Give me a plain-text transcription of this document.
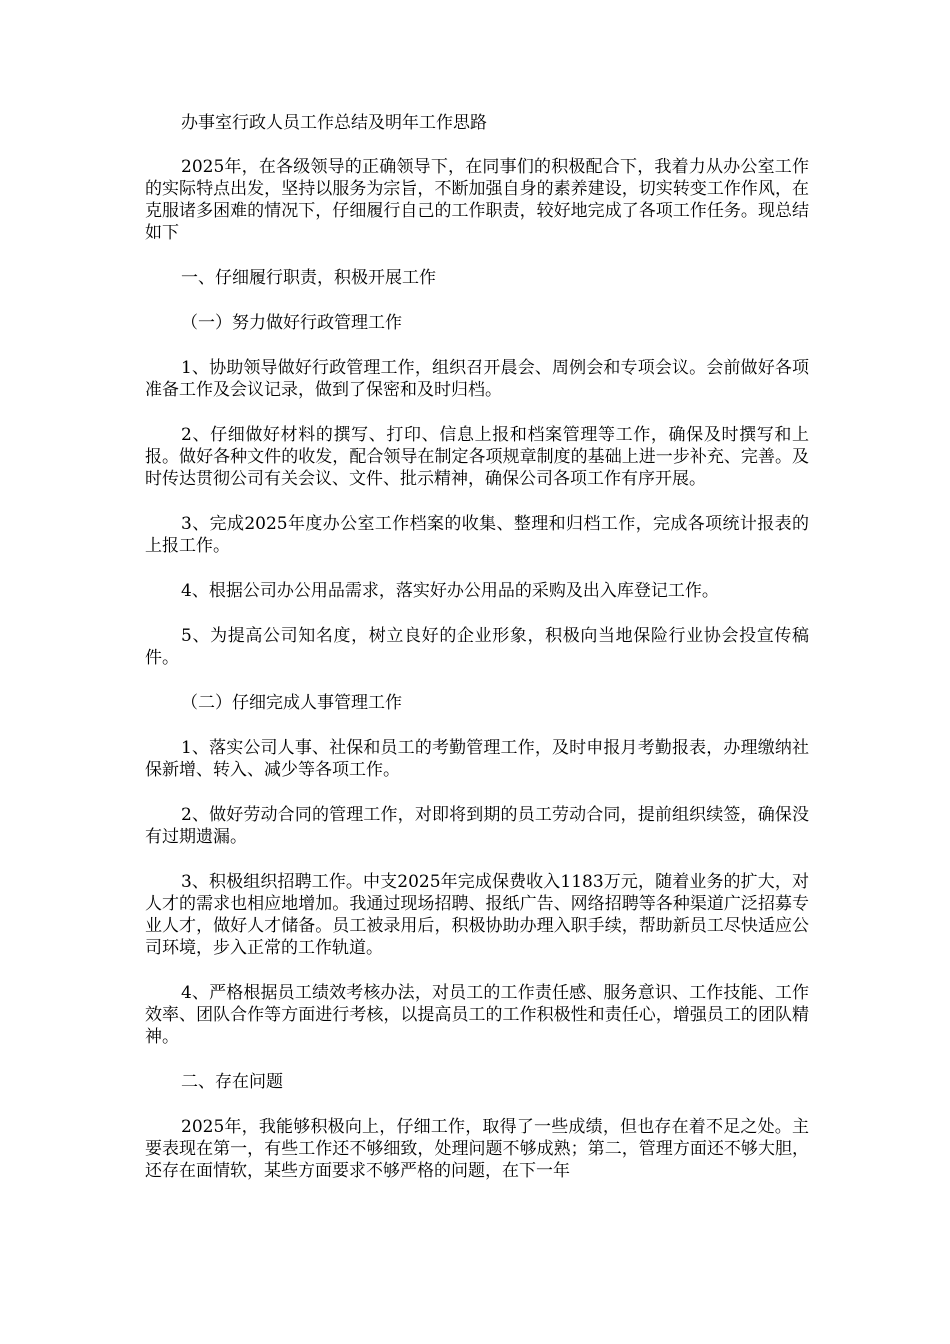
办事室行政人员工作总结及明年工作思路

2025年，在各级领导的正确领导下，在同事们的积极配合下，我着力从办公室工作的实际特点出发，坚持以服务为宗旨，不断加强自身的素养建设，切实转变工作作风，在克服诸多困难的情况下，仔细履行自己的工作职责，较好地完成了各项工作任务。现总结如下

一、仔细履行职责，积极开展工作

（一）努力做好行政管理工作

1、协助领导做好行政管理工作，组织召开晨会、周例会和专项会议。会前做好各项准备工作及会议记录，做到了保密和及时归档。

2、仔细做好材料的撰写、打印、信息上报和档案管理等工作，确保及时撰写和上报。做好各种文件的收发，配合领导在制定各项规章制度的基础上进一步补充、完善。及时传达贯彻公司有关会议、文件、批示精神，确保公司各项工作有序开展。

3、完成2025年度办公室工作档案的收集、整理和归档工作，完成各项统计报表的上报工作。

4、根据公司办公用品需求，落实好办公用品的采购及出入库登记工作。

5、为提高公司知名度，树立良好的企业形象，积极向当地保险行业协会投宣传稿件。

（二）仔细完成人事管理工作

1、落实公司人事、社保和员工的考勤管理工作，及时申报月考勤报表，办理缴纳社保新增、转入、减少等各项工作。

2、做好劳动合同的管理工作，对即将到期的员工劳动合同，提前组织续签，确保没有过期遗漏。

3、积极组织招聘工作。中支2025年完成保费收入1183万元，随着业务的扩大，对人才的需求也相应地增加。我通过现场招聘、报纸广告、网络招聘等各种渠道广泛招募专业人才，做好人才储备。员工被录用后，积极协助办理入职手续，帮助新员工尽快适应公司环境，步入正常的工作轨道。

4、严格根据员工绩效考核办法，对员工的工作责任感、服务意识、工作技能、工作效率、团队合作等方面进行考核，以提高员工的工作积极性和责任心，增强员工的团队精神。

二、存在问题

2025年，我能够积极向上，仔细工作，取得了一些成绩，但也存在着不足之处。主要表现在第一，有些工作还不够细致，处理问题不够成熟；第二，管理方面还不够大胆，还存在面情软，某些方面要求不够严格的问题，在下一年
